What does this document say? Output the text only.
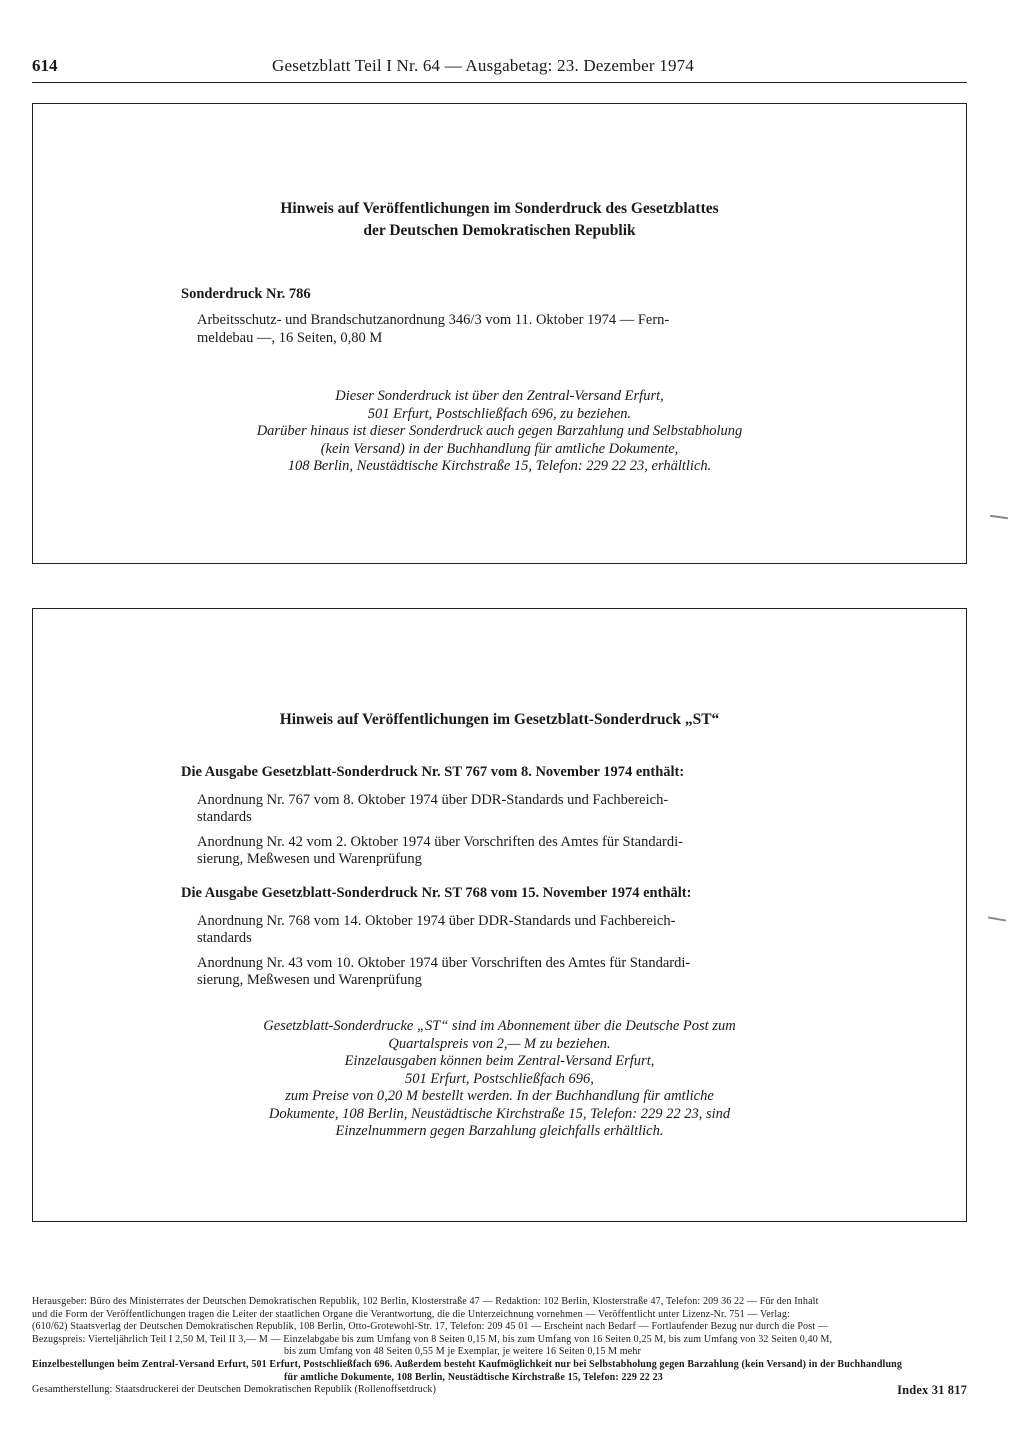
614	Gesetzblatt Teil I Nr. 64 — Ausgabetag: 23. Dezember 1974
Hinweis auf Veröffentlichungen im Sonderdruck des Gesetzblattes
der Deutschen Demokratischen Republik
Sonderdruck Nr. 786
Arbeitsschutz- und Brandschutzanordnung 346/3 vom 11. Oktober 1974 — Fern-
meldebau —, 16 Seiten, 0,80 M
Dieser Sonderdruck ist über den Zentral-Versand Erfurt,
501 Erfurt, Postschließfach 696, zu beziehen.
Darüber hinaus ist dieser Sonderdruck auch gegen Barzahlung und Selbstabholung
(kein Versand) in der Buchhandlung für amtliche Dokumente,
108 Berlin, Neustädtische Kirchstraße 15, Telefon: 229 22 23, erhältlich.
Hinweis auf Veröffentlichungen im Gesetzblatt-Sonderdruck „ST“
Die Ausgabe Gesetzblatt-Sonderdruck Nr. ST 767 vom 8. November 1974 enthält:
Anordnung Nr. 767 vom 8. Oktober 1974 über DDR-Standards und Fachbereich-
standards
Anordnung Nr. 42 vom 2. Oktober 1974 über Vorschriften des Amtes für Standardi-
sierung, Meßwesen und Warenprüfung
Die Ausgabe Gesetzblatt-Sonderdruck Nr. ST 768 vom 15. November 1974 enthält:
Anordnung Nr. 768 vom 14. Oktober 1974 über DDR-Standards und Fachbereich-
standards
Anordnung Nr. 43 vom 10. Oktober 1974 über Vorschriften des Amtes für Standardi-
sierung, Meßwesen und Warenprüfung
Gesetzblatt-Sonderdrucke „ST“ sind im Abonnement über die Deutsche Post zum
Quartalspreis von 2,— M zu beziehen.
Einzelausgaben können beim Zentral-Versand Erfurt,
501 Erfurt, Postschließfach 696,
zum Preise von 0,20 M bestellt werden. In der Buchhandlung für amtliche
Dokumente, 108 Berlin, Neustädtische Kirchstraße 15, Telefon: 229 22 23, sind
Einzelnummern gegen Barzahlung gleichfalls erhältlich.
Herausgeber: Büro des Ministerrates der Deutschen Demokratischen Republik, 102 Berlin, Klosterstraße 47 — Redaktion: 102 Berlin, Klosterstraße 47, Telefon: 209 36 22 — Für den Inhalt
und die Form der Veröffentlichungen tragen die Leiter der staatlichen Organe die Verantwortung, die die Unterzeichnung vornehmen — Veröffentlicht unter Lizenz-Nr. 751 — Verlag:
(610/62) Staatsverlag der Deutschen Demokratischen Republik, 108 Berlin, Otto-Grotewohl-Str. 17, Telefon: 209 45 01 — Erscheint nach Bedarf — Fortlaufender Bezug nur durch die Post —
Bezugspreis: Vierteljährlich Teil I 2,50 M, Teil II 3,— M — Einzelabgabe bis zum Umfang von 8 Seiten 0,15 M, bis zum Umfang von 16 Seiten 0,25 M, bis zum Umfang von 32 Seiten 0,40 M,
bis zum Umfang von 48 Seiten 0,55 M je Exemplar, je weitere 16 Seiten 0,15 M mehr
Einzelbestellungen beim Zentral-Versand Erfurt, 501 Erfurt, Postschließfach 696. Außerdem besteht Kaufmöglichkeit nur bei Selbstabholung gegen Barzahlung (kein Versand) in der Buchhandlung
für amtliche Dokumente, 108 Berlin, Neustädtische Kirchstraße 15, Telefon: 229 22 23
Gesamtherstellung: Staatsdruckerei der Deutschen Demokratischen Republik (Rollenoffsetdruck)	Index 31 817
